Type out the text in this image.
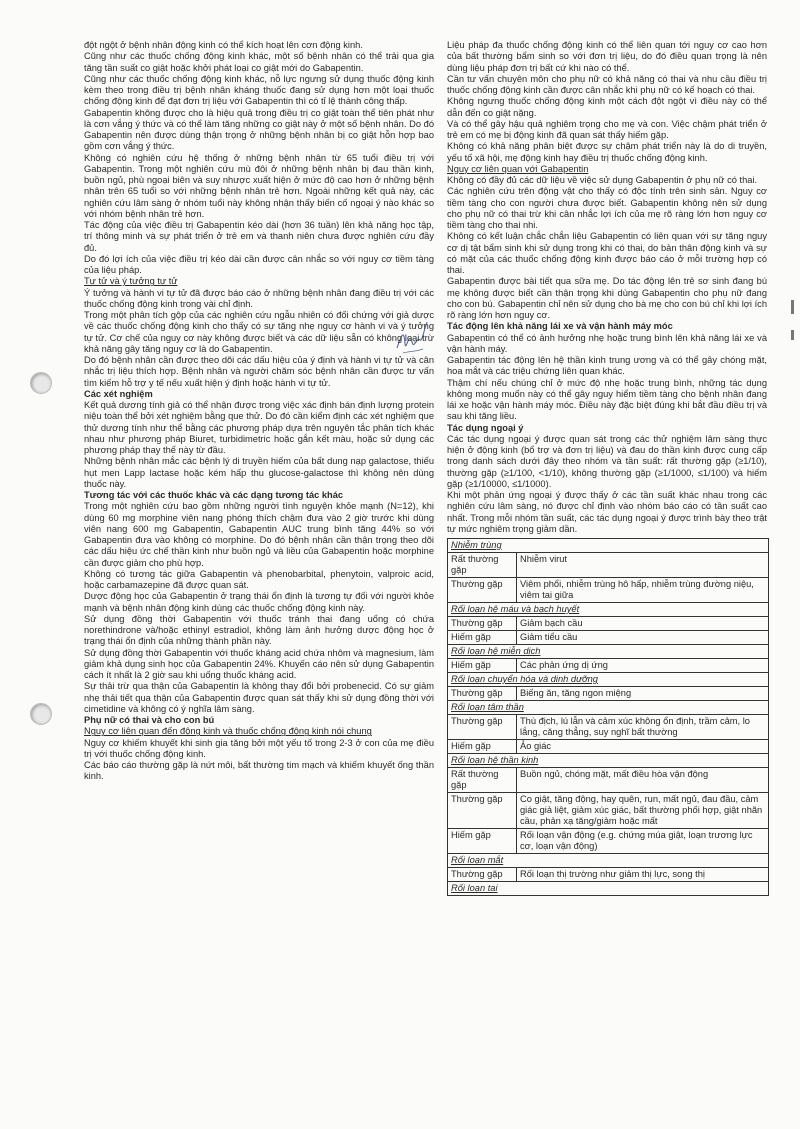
đột ngột ở bệnh nhân động kinh có thể kích hoạt lên cơn động kinh.

Cũng như các thuốc chống động kinh khác, một số bệnh nhân có thể trải qua gia tăng tần suất co giật hoặc khởi phát loại co giật mới do Gabapentin.

Cũng như các thuốc chống động kinh khác, nỗ lực ngưng sử dụng thuốc động kinh kèm theo trong điều trị bệnh nhân kháng thuốc đang sử dụng hơn một loại thuốc chống động kinh để đạt đơn trị liệu với Gabapentin thì có tỉ lệ thành công thấp.

Gabapentin không được cho là hiệu quả trong điều trị co giật toàn thể tiên phát như là cơn vắng ý thức và có thể làm tăng những co giật này ở một số bệnh nhân. Do đó Gabapentin nên được dùng thận trọng ở những bệnh nhân bị co giật hỗn hợp bao gồm cơn vắng ý thức.

Không có nghiên cứu hệ thống ở những bệnh nhân từ 65 tuổi điều trị với Gabapentin. Trong một nghiên cứu mù đôi ở những bệnh nhân bị đau thần kinh, buồn ngủ, phù ngoại biên và suy nhược xuất hiện ở mức độ cao hơn ở những bệnh nhân trên 65 tuổi so với những bệnh nhân trẻ hơn. Ngoài những kết quả này, các nghiên cứu lâm sàng ở nhóm tuổi này không nhận thấy biến cố ngoại ý nào khác so với nhóm bệnh nhân trẻ hơn.

Tác động của việc điều trị Gabapentin kéo dài (hơn 36 tuần) lên khả năng học tập, trí thông minh và sự phát triển ở trẻ em và thanh niên chưa được nghiên cứu đầy đủ.

Do đó lợi ích của việc điều trị kéo dài cần được cân nhắc so với nguy cơ tiềm tàng của liệu pháp.

Tự tử và ý tưởng tự tử

Ý tưởng và hành vi tự tử đã được báo cáo ở những bệnh nhân đang điều trị với các thuốc chống động kinh trong vài chỉ định.

Trong một phân tích gộp của các nghiên cứu ngẫu nhiên có đối chứng với giả dược về các thuốc chống động kinh cho thấy có sự tăng nhẹ nguy cơ hành vi và ý tưởng tự tử. Cơ chế của nguy cơ này không được biết và các dữ liệu sẵn có không loại trừ khả năng gây tăng nguy cơ là do Gabapentin.

Do đó bệnh nhân cần được theo dõi các dấu hiệu của ý định và hành vi tự tử và cân nhắc trị liệu thích hợp. Bệnh nhân và người chăm sóc bệnh nhân cần được tư vấn tìm kiếm hỗ trợ y tế nếu xuất hiện ý định hoặc hành vi tự tử.

Các xét nghiệm

Kết quả dương tính giả có thể nhận được trong việc xác định bán định lượng protein niệu toàn thể bởi xét nghiệm bằng que thử. Do đó cần kiểm định các xét nghiệm que thử dương tính như thể bằng các phương pháp dựa trên nguyên tắc phân tích khác nhau như phương pháp Biuret, turbidimetric hoặc gắn kết màu, hoặc sử dụng các phương pháp thay thế này từ đầu.

Những bệnh nhân mắc các bệnh lý di truyền hiếm của bất dung nạp galactose, thiếu hụt men Lapp lactase hoặc kém hấp thu glucose-galactose thì không nên dùng thuốc này.

Tương tác với các thuốc khác và các dạng tương tác khác

Trong một nghiên cứu bao gồm những người tình nguyện khỏe mạnh (N=12), khi dùng 60 mg morphine viên nang phóng thích chậm đưa vào 2 giờ trước khi dùng viên nang 600 mg Gabapentin, Gabapentin AUC trung bình tăng 44% so với Gabapentin đưa vào không có morphine. Do đó bệnh nhân cần thận trọng theo dõi các dấu hiệu ức chế thần kinh như buồn ngủ và liều của Gabapentin hoặc morphine cần được giảm cho phù hợp.

Không có tương tác giữa Gabapentin và phenobarbital, phenytoin, valproic acid, hoặc carbamazepine đã được quan sát.

Dược động học của Gabapentin ở trạng thái ổn định là tương tự đối với người khỏe mạnh và bệnh nhân động kinh dùng các thuốc chống động kinh này.

Sử dụng đồng thời Gabapentin với thuốc tránh thai đang uống có chứa norethindrone và/hoặc ethinyl estradiol, không làm ảnh hưởng dược động học ở trạng thái ổn định của những thành phần này.

Sử dụng đồng thời Gabapentin với thuốc kháng acid chứa nhôm và magnesium, làm giảm khả dụng sinh học của Gabapentin 24%. Khuyến cáo nên sử dụng Gabapentin cách ít nhất là 2 giờ sau khi uống thuốc kháng acid.

Sự thải trừ qua thận của Gabapentin là không thay đổi bởi probenecid. Có sự giảm nhẹ thải tiết qua thận của Gabapentin được quan sát thấy khi sử dụng đồng thời với cimetidine và không có ý nghĩa lâm sàng.

Phụ nữ có thai và cho con bú

Nguy cơ liên quan đến động kinh và thuốc chống động kinh nói chung

Nguy cơ khiếm khuyết khi sinh gia tăng bởi một yếu tố trong 2-3 ở con của mẹ điều trị với thuốc chống động kinh.

Các báo cáo thường gặp là nứt môi, bất thường tim mạch và khiếm khuyết ống thần kinh.

Liệu pháp đa thuốc chống động kinh có thể liên quan tới nguy cơ cao hơn của bất thường bẩm sinh so với đơn trị liệu, do đó điều quan trọng là nên dùng liệu pháp đơn trị bất cứ khi nào có thể.

Cần tư vấn chuyên môn cho phụ nữ có khả năng có thai và nhu cầu điều trị thuốc chống động kinh cần được cân nhắc khi phụ nữ có kế hoạch có thai.

Không ngưng thuốc chống động kinh một cách đột ngột vì điều này có thể dẫn đến co giật nặng.

Và có thể gây hậu quả nghiêm trọng cho mẹ và con. Việc chậm phát triển ở trẻ em có mẹ bị động kinh đã quan sát thấy hiếm gặp.

Không có khả năng phân biệt được sự chậm phát triển này là do di truyền, yếu tố xã hội, mẹ động kinh hay điều trị thuốc chống động kinh.

Nguy cơ liên quan với Gabapentin

Không có đầy đủ các dữ liệu về việc sử dụng Gabapentin ở phụ nữ có thai.

Các nghiên cứu trên động vật cho thấy có độc tính trên sinh sản. Nguy cơ tiềm tàng cho con người chưa được biết. Gabapentin không nên sử dụng cho phụ nữ có thai trừ khi cân nhắc lợi ích của mẹ rõ ràng lớn hơn nguy cơ tiềm tàng cho thai nhi.

Không có kết luận chắc chắn liệu Gabapentin có liên quan với sự tăng nguy cơ dị tật bẩm sinh khi sử dụng trong khi có thai, do bản thân động kinh và sự có mặt của các thuốc chống động kinh được báo cáo ở mỗi trường hợp có thai.

Gabapentin được bài tiết qua sữa mẹ. Do tác động lên trẻ sơ sinh đang bú mẹ không được biết cần thận trọng khi dùng Gabapentin cho phụ nữ đang cho con bú. Gabapentin chỉ nên sử dụng cho bà mẹ cho con bú chỉ khi lợi ích rõ ràng lớn hơn nguy cơ.

Tác động lên khả năng lái xe và vận hành máy móc

Gabapentin có thể có ảnh hưởng nhẹ hoặc trung bình lên khả năng lái xe và vận hành máy.

Gabapentin tác động lên hệ thần kinh trung ương và có thể gây chóng mặt, hoa mắt và các triệu chứng liên quan khác.

Thậm chí nếu chúng chỉ ở mức độ nhẹ hoặc trung bình, những tác dụng không mong muốn này có thể gây nguy hiểm tiềm tàng cho bệnh nhân đang lái xe hoặc vận hành máy móc. Điều này đặc biệt đúng khi bắt đầu điều trị và sau khi tăng liều.

Tác dụng ngoại ý

Các tác dụng ngoại ý được quan sát trong các thử nghiệm lâm sàng thực hiện ở động kinh (bổ trợ và đơn trị liệu) và đau do thần kinh được cung cấp trong danh sách dưới đây theo nhóm và tần suất: rất thường gặp (≥1/10), thường gặp (≥1/100, <1/10), không thường gặp (≥1/1000, ≤1/100) và hiếm gặp (≥1/10000, ≤1/1000).

Khi một phản ứng ngoại ý được thấy ở các tần suất khác nhau trong các nghiên cứu lâm sàng, nó được chỉ định vào nhóm báo cáo có tần suất cao nhất. Trong mỗi nhóm tần suất, các tác dụng ngoại ý được trình bày theo trật tự mức nghiêm trọng giảm dần.

Nhiễm trùng	
Rất thường gặp	Nhiễm virut
Thường gặp	Viêm phổi, nhiễm trùng hô hấp, nhiễm trùng đường niệu, viêm tai giữa
Rối loạn hệ máu và bạch huyết	
Thường gặp	Giảm bạch cầu
Hiếm gặp	Giảm tiểu cầu
Rối loạn hệ miễn dịch	
Hiếm gặp	Các phản ứng dị ứng
Rối loạn chuyển hóa và dinh dưỡng	
Thường gặp	Biếng ăn, tăng ngon miệng
Rối loạn tâm thần	
Thường gặp	Thù địch, lú lẫn và cảm xúc không ổn định, trầm cảm, lo lắng, căng thẳng, suy nghĩ bất thường
Hiếm gặp	Ảo giác
Rối loạn hệ thần kinh	
Rất thường gặp	Buồn ngủ, chóng mặt, mất điều hòa vận động
Thường gặp	Co giật, tăng động, hay quên, run, mất ngủ, đau đầu, cảm giác giả liệt, giảm xúc giác, bất thường phối hợp, giật nhãn cầu, phản xạ tăng/giảm hoặc mất
Hiếm gặp	Rối loạn vận động (e.g. chứng múa giật, loạn trương lực cơ, loạn vận động)
Rối loạn mắt	
Thường gặp	Rối loạn thị trường như giảm thị lực, song thị
Rối loạn tai	
